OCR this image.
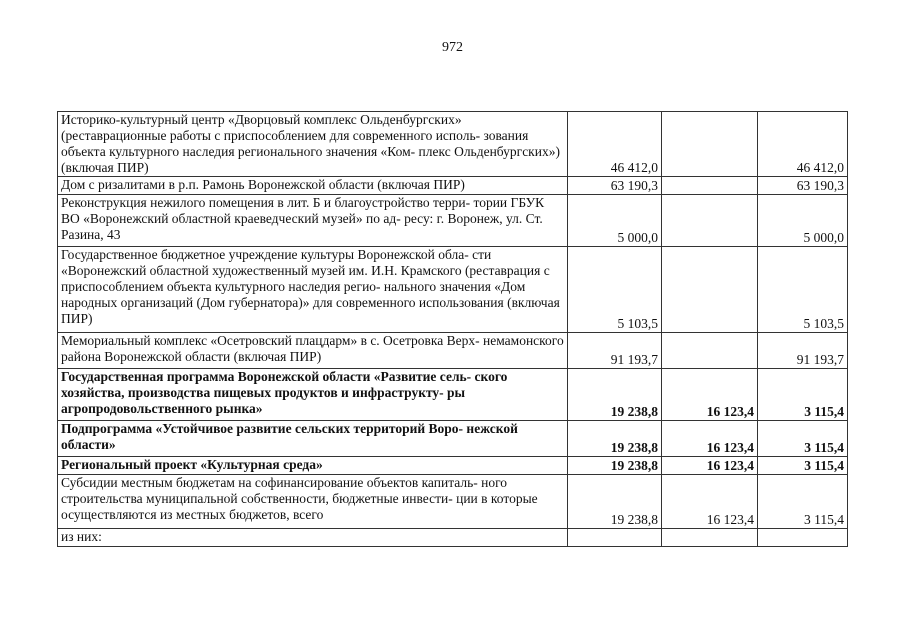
972
Историко-культурный центр «Дворцовый комплекс Ольденбургских» (реставрационные работы с приспособлением для современного исполь- зования объекта культурного наследия регионального значения «Ком- плекс Ольденбургских») (включая ПИР)	46 412,0		46 412,0
Дом с ризалитами в р.п. Рамонь Воронежской области (включая ПИР)	63 190,3		63 190,3
Реконструкция нежилого помещения в лит. Б и благоустройство терри- тории ГБУК ВО «Воронежский областной краеведческий музей» по ад- ресу: г. Воронеж, ул. Ст. Разина, 43	5 000,0		5 000,0
Государственное бюджетное учреждение культуры Воронежской обла- сти «Воронежский областной художественный музей им. И.Н. Крамского (реставрация с приспособлением объекта культурного наследия регио- нального значения «Дом народных организаций (Дом губернатора)» для современного использования (включая ПИР)	5 103,5		5 103,5
Мемориальный комплекс «Осетровский плацдарм» в с. Осетровка Верх- немамонского района Воронежской области (включая ПИР)	91 193,7		91 193,7
Государственная программа Воронежской области «Развитие сель- ского хозяйства, производства пищевых продуктов и инфраструкту- ры агропродовольственного рынка»	19 238,8	16 123,4	3 115,4
Подпрограмма «Устойчивое развитие сельских территорий Воро- нежской области»	19 238,8	16 123,4	3 115,4
Региональный проект «Культурная среда»	19 238,8	16 123,4	3 115,4
Субсидии местным бюджетам на софинансирование объектов капиталь- ного строительства муниципальной собственности, бюджетные инвести- ции в которые осуществляются из местных бюджетов, всего	19 238,8	16 123,4	3 115,4
из них:			
